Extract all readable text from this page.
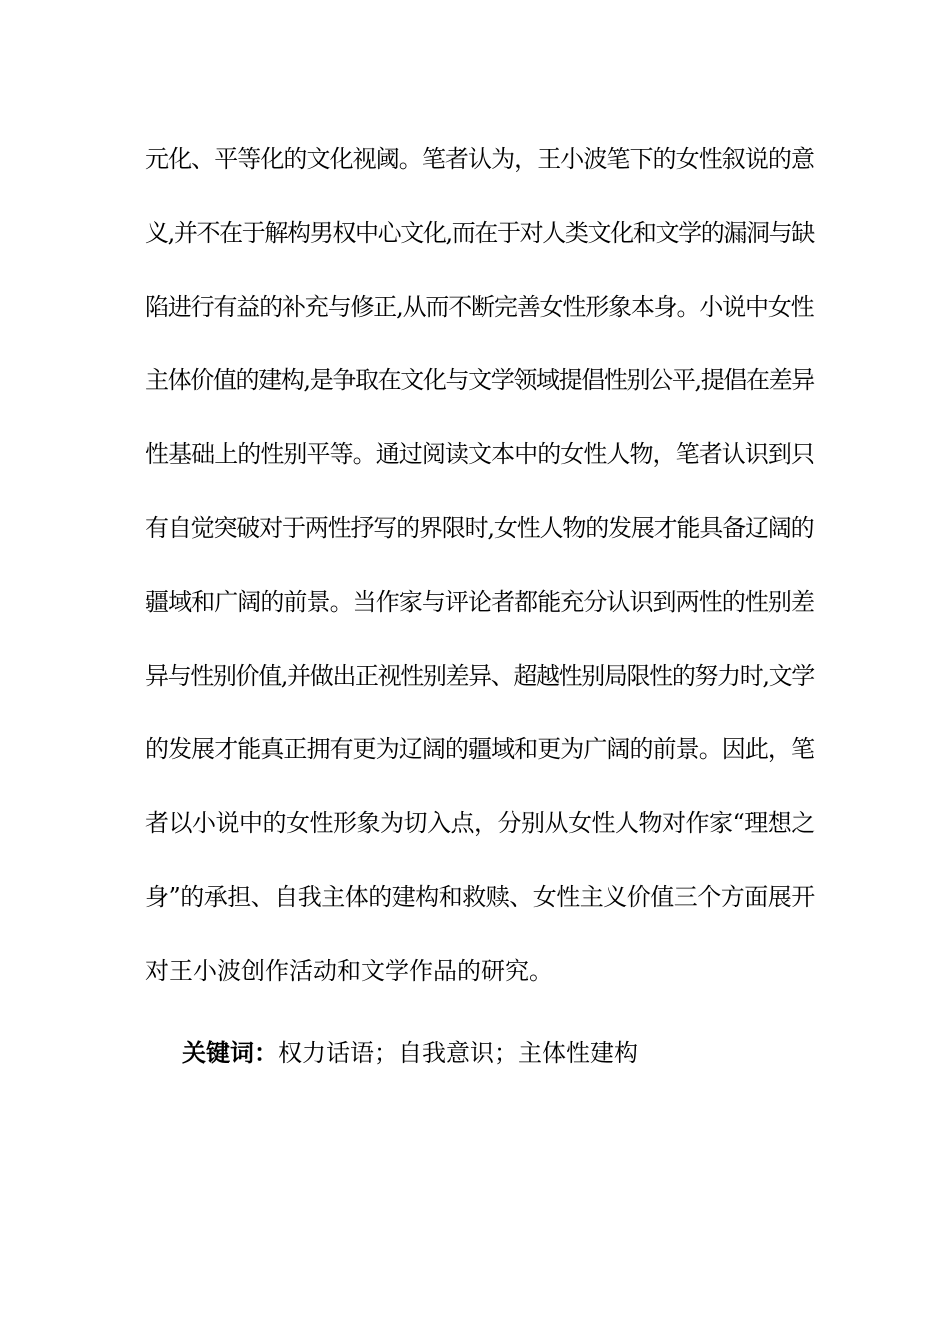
元化、平等化的文化视阈。笔者认为，王小波笔下的女性叙说的意
义,并不在于解构男权中心文化,而在于对人类文化和文学的漏洞与缺
陷进行有益的补充与修正,从而不断完善女性形象本身。小说中女性
主体价值的建构,是争取在文化与文学领域提倡性别公平,提倡在差异
性基础上的性别平等。通过阅读文本中的女性人物，笔者认识到只
有自觉突破对于两性抒写的界限时,女性人物的发展才能具备辽阔的
疆域和广阔的前景。当作家与评论者都能充分认识到两性的性别差
异与性别价值,并做出正视性别差异、超越性别局限性的努力时,文学
的发展才能真正拥有更为辽阔的疆域和更为广阔的前景。因此，笔
者以小说中的女性形象为切入点，分别从女性人物对作家“理想之
身”的承担、自我主体的建构和救赎、女性主义价值三个方面展开
对王小波创作活动和文学作品的研究。
关键词：权力话语；自我意识；主体性建构
